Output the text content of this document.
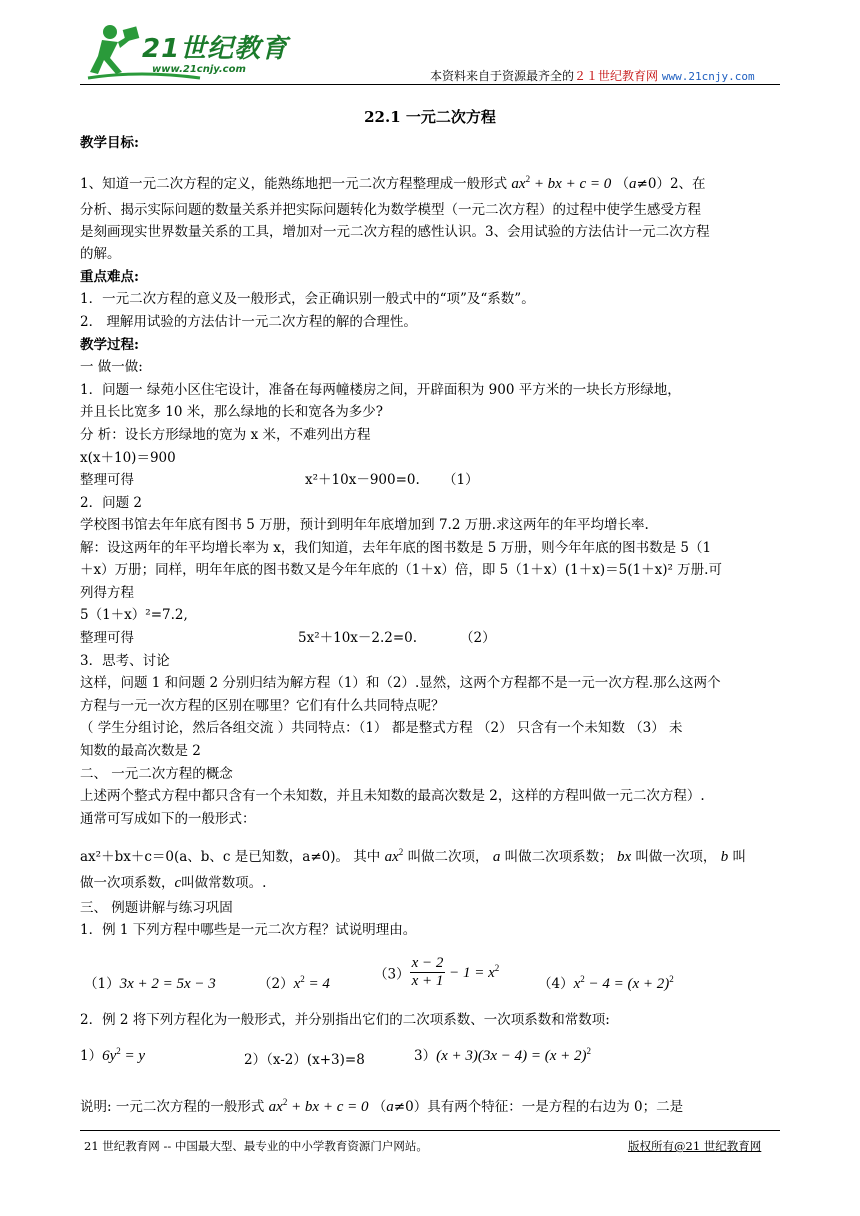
21世纪教育
www.21cnjy.com	本资料来自于资源最齐全的２１世纪教育网 www.21cnjy.com
22.1 一元二次方程
教学目标:
1、知道一元二次方程的定义，能熟练地把一元二次方程整理成一般形式 $ax^2$ + bx + c = 0 （a≠0）2、在
分析、揭示实际问题的数量关系并把实际问题转化为数学模型（一元二次方程）的过程中使学生感受方程
是刻画现实世界数量关系的工具，增加对一元二次方程的感性认识。3、会用试验的方法估计一元二次方程
的解。
重点难点:
1．一元二次方程的意义及一般形式，会正确识别一般式中的“项”及“系数”。
2． 理解用试验的方法估计一元二次方程的解的合理性。
教学过程:
一 做一做:
1．问题一 绿苑小区住宅设计，准备在每两幢楼房之间，开辟面积为 900 平方米的一块长方形绿地，
并且长比宽多 10 米，那么绿地的长和宽各为多少?
分 析：设长方形绿地的宽为 x 米，不难列出方程
x(x＋10)＝900
整理可得	x²＋10x－900=0. （1）
2．问题 2
学校图书馆去年年底有图书 5 万册，预计到明年年底增加到 7.2 万册.求这两年的年平均增长率.
解：设这两年的年平均增长率为 x，我们知道，去年年底的图书数是 5 万册，则今年年底的图书数是 5（1
＋x）万册；同样，明年年底的图书数又是今年年底的（1＋x）倍，即 5（1＋x）(1＋x)＝5(1＋x)² 万册.可
列得方程
5（1＋x）²=7.2,
整理可得	5x²＋10x－2.2=0.	（2）
3．思考、讨论
这样，问题 1 和问题 2 分别归结为解方程（1）和（2）.显然，这两个方程都不是一元一次方程.那么这两个
方程与一元一次方程的区别在哪里？它们有什么共同特点呢？
（ 学生分组讨论，然后各组交流 ）共同特点：（1） 都是整式方程 （2） 只含有一个未知数 （3） 未
知数的最高次数是 2
二、 一元二次方程的概念
上述两个整式方程中都只含有一个未知数，并且未知数的最高次数是 2，这样的方程叫做一元二次方程）.
通常可写成如下的一般形式：
ax²＋bx＋c＝0(a、b、c 是已知数，a≠0)。 其中 $ax^2$ 叫做二次项， a 叫做二次项系数； bx 叫做一次项， b 叫
做一次项系数，c叫做常数项。.
三、 例题讲解与练习巩固
1．例 1 下列方程中哪些是一元二次方程？试说明理由。
（1）3x + 2 = 5x − 3	$(2)x^2 = 4$
$(3) \frac{x - 2}{x + 1} - 1 = x^2$
$(4)x^2 - 4 = (x + 2)^2$
2．例 2 将下列方程化为一般形式，并分别指出它们的二次项系数、一次项系数和常数项:
$1)6y^2 = y$	2）（x-2）(x+3)=8	$3)(x + 3)(3x - 4) = (x + 2)^2$
说明: 一元二次方程的一般形式 $ax^2$ + bx + c = 0 （a≠0）具有两个特征：一是方程的右边为 0；二是
21 世纪教育网 -- 中国最大型、最专业的中小学教育资源门户网站。	版权所有@21 世纪教育网
